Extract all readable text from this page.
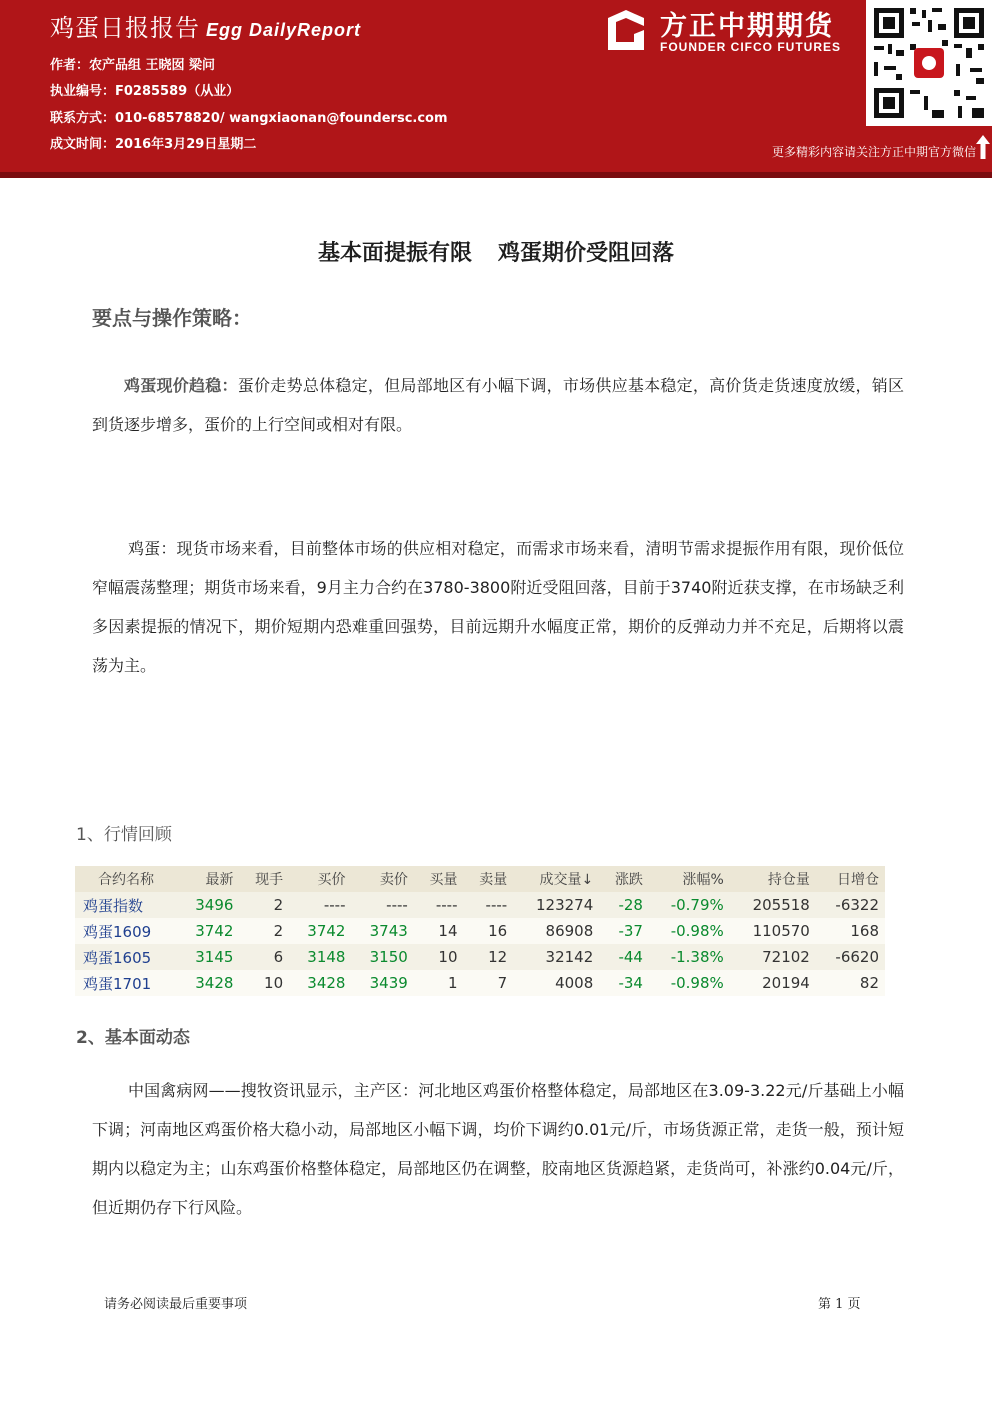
鸡蛋日报报告 Egg DailyReport
作者：农产品组 王晓囡 梁问
执业编号：F0285589（从业）
联系方式：010-68578820/ wangxiaonan@foundersc.com
成文时间：2016年3月29日星期二
方正中期期货
FOUNDER CIFCO FUTURES
更多精彩内容请关注方正中期官方微信
基本面提振有限 鸡蛋期价受阻回落
要点与操作策略：
鸡蛋现价趋稳：蛋价走势总体稳定，但局部地区有小幅下调，市场供应基本稳定，高价货走货速度放缓，销区到货逐步增多，蛋价的上行空间或相对有限。
鸡蛋：现货市场来看，目前整体市场的供应相对稳定，而需求市场来看，清明节需求提振作用有限，现价低位窄幅震荡整理；期货市场来看，9月主力合约在3780-3800附近受阻回落，目前于3740附近获支撑，在市场缺乏利多因素提振的情况下，期价短期内恐难重回强势，目前远期升水幅度正常，期价的反弹动力并不充足，后期将以震荡为主。
1、行情回顾
合约名称	最新	现手	买价	卖价	买量	卖量	成交量↓	涨跌	涨幅%	持仓量	日增仓
鸡蛋指数	3496	2	----	----	----	----	123274	-28	-0.79%	205518	-6322
鸡蛋1609	3742	2	3742	3743	14	16	86908	-37	-0.98%	110570	168
鸡蛋1605	3145	6	3148	3150	10	12	32142	-44	-1.38%	72102	-6620
鸡蛋1701	3428	10	3428	3439	1	7	4008	-34	-0.98%	20194	82
2、基本面动态
中国禽病网——搜牧资讯显示，主产区：河北地区鸡蛋价格整体稳定，局部地区在3.09-3.22元/斤基础上小幅下调；河南地区鸡蛋价格大稳小动，局部地区小幅下调，均价下调约0.01元/斤，市场货源正常，走货一般，预计短期内以稳定为主；山东鸡蛋价格整体稳定，局部地区仍在调整，胶南地区货源趋紧，走货尚可，补涨约0.04元/斤，但近期仍存下行风险。
请务必阅读最后重要事项	第 1 页
